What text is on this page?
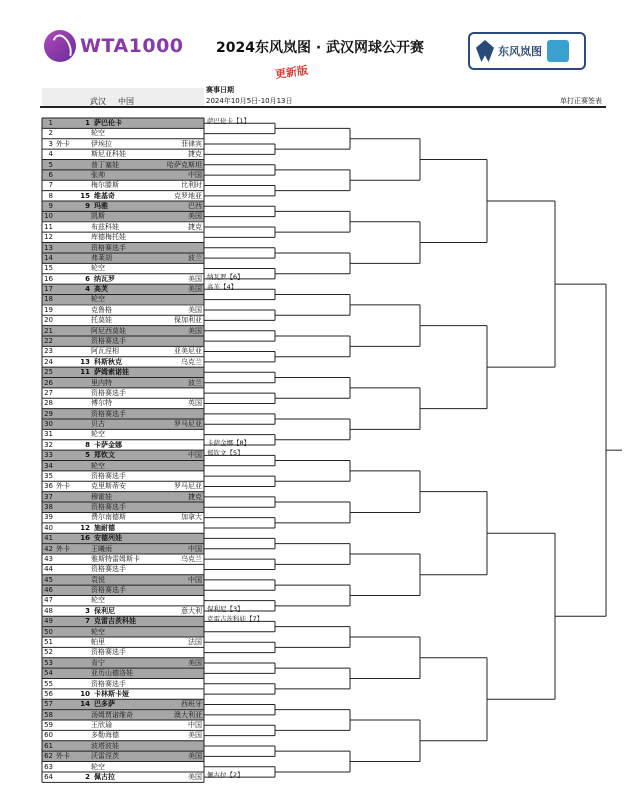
WTA1000	2024东风岚图 · 武汉网球公开赛
更新版
东风岚图
赛事日期
2024年10月5日-10月13日
武汉 中国	单打正赛签表
1	1 萨巴伦卡
2	轮空
3 外卡	伊埃拉	菲律宾
4	斯尼亚科娃	捷克
5	普丁塞娃	哈萨克斯坦
6	张帅	中国
7	梅尔滕斯	比利时
8	15 维基奇	克罗地亚
9	9 玛雅	巴西
10	凯斯	美国
11	布兹科娃	捷克
12	库德梅托娃
13	资格赛选手
14	弗莱胡	波兰
15	轮空
16	6 纳瓦罗	美国
17	4 高芙	美国
18	轮空
19	克鲁格	美国
20	托莫娃	保加利亚
21	阿尼西莫娃	美国
22	资格赛选手
23	阿瓦涅相	亚美尼亚
24	13 科斯秋克	乌克兰
25	11 萨姆索诺娃
26	里内特	波兰
27	资格赛选手
28	博尔特	英国
29	资格赛选手
30	贝古	罗马尼亚
31	轮空
32	8 卡萨金娜
33	5 郑钦文	中国
34	轮空
35	资格赛选手
36 外卡	克里斯蒂安	罗马尼亚
37	穆霍娃	捷克
38	资格赛选手
39	费尔南德斯	加拿大
40	12 施耐德
41	16 安德列娃
42 外卡	王曦雨	中国
43	雅斯特雷姆斯卡	乌克兰
44	资格赛选手
45	袁悦	中国
46	资格赛选手
47	轮空
48	3 保利尼	意大利
49	7 克雷吉茨科娃
50	轮空
51	帕里	法国
52	资格赛选手
53	肯宁	美国
54	亚历山德洛娃
55	资格赛选手
56	10 卡林斯卡娅
57	14 巴多萨	西班牙
58	汤姆贾诺维奇	澳大利亚
59	王欣瑜	中国
60	多勒海德	美国
61	波塔波娃
62 外卡	沃雷涅茨	美国
63	轮空
64	2 佩古拉	美国
萨巴伦卡【1】
纳瓦罗【6】
高芙【4】
卡萨金娜【8】
郑钦文【5】
保利尼【3】
克雷吉茨科娃【7】
佩古拉【2】
